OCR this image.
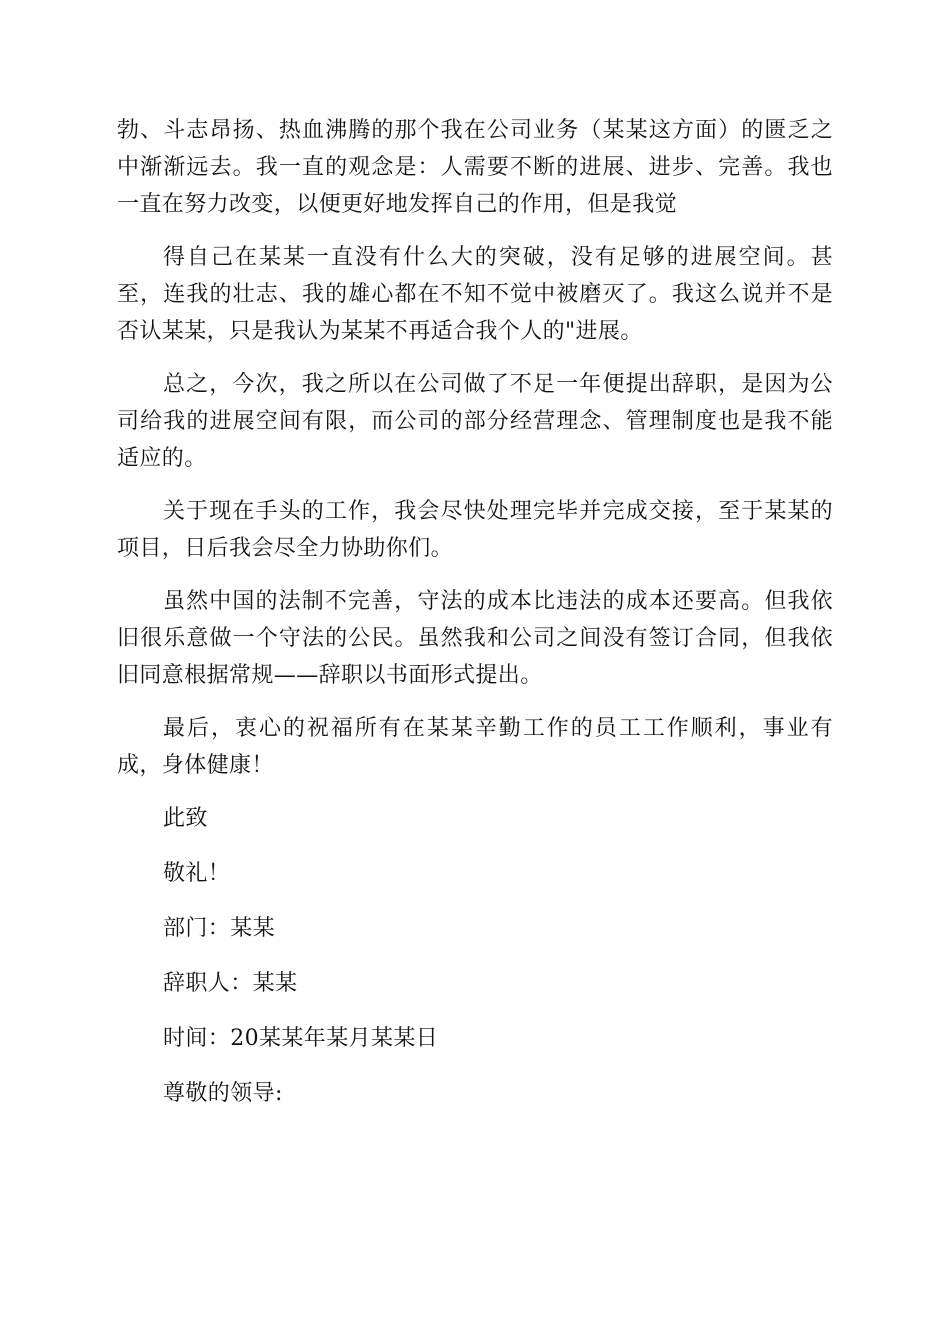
勃、斗志昂扬、热血沸腾的那个我在公司业务（某某这方面）的匮乏之中渐渐远去。我一直的观念是：人需要不断的进展、进步、完善。我也一直在努力改变，以便更好地发挥自己的作用，但是我觉

得自己在某某一直没有什么大的突破，没有足够的进展空间。甚至，连我的壮志、我的雄心都在不知不觉中被磨灭了。我这么说并不是否认某某，只是我认为某某不再适合我个人的"进展。

总之，今次，我之所以在公司做了不足一年便提出辞职，是因为公司给我的进展空间有限，而公司的部分经营理念、管理制度也是我不能适应的。

关于现在手头的工作，我会尽快处理完毕并完成交接，至于某某的项目，日后我会尽全力协助你们。

虽然中国的法制不完善，守法的成本比违法的成本还要高。但我依旧很乐意做一个守法的公民。虽然我和公司之间没有签订合同，但我依旧同意根据常规——辞职以书面形式提出。

最后，衷心的祝福所有在某某辛勤工作的员工工作顺利，事业有成，身体健康！

此致
敬礼！
部门：某某
辞职人：某某
时间：20某某年某月某某日
尊敬的领导:
